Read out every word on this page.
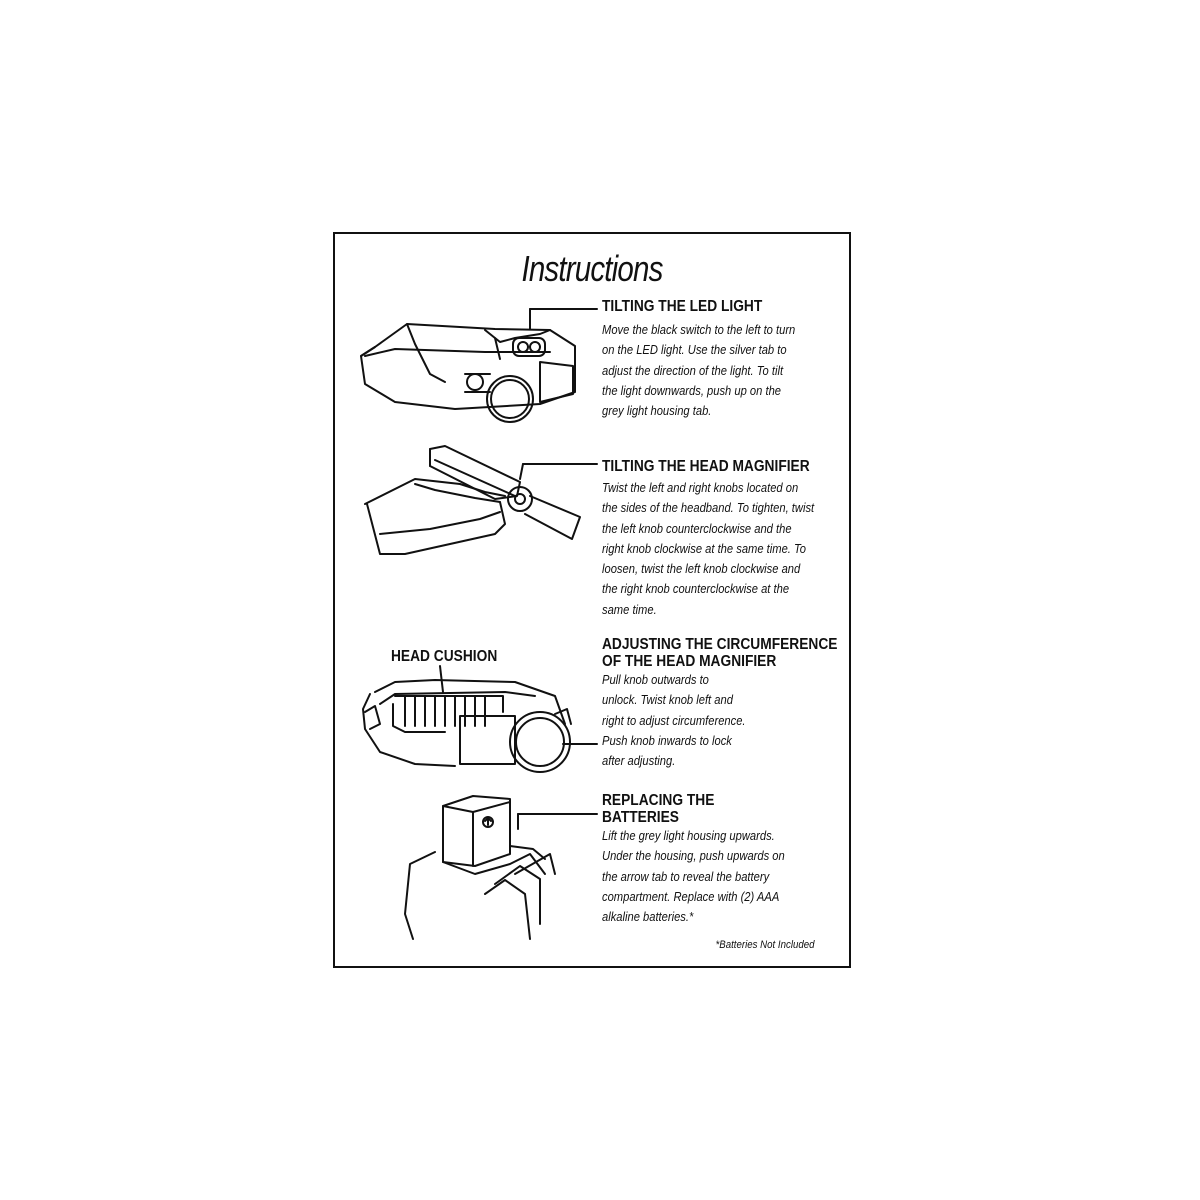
Instructions
TILTING THE LED LIGHT
Move the black switch to the left to turn
on the LED light. Use the silver tab to
adjust the direction of the light. To tilt
the light downwards, push up on the
grey light housing tab.
TILTING THE HEAD MAGNIFIER
Twist the left and right knobs located on
the sides of the headband. To tighten, twist
the left knob counterclockwise and the
right knob clockwise at the same time. To
loosen, twist the left knob clockwise and
the right knob counterclockwise at the
same time.
ADJUSTING THE CIRCUMFERENCE
OF THE HEAD MAGNIFIER
Pull knob outwards to
unlock. Twist knob left and
right to adjust circumference.
Push knob inwards to lock
after adjusting.
HEAD CUSHION
REPLACING THE
BATTERIES
Lift the grey light housing upwards.
Under the housing, push upwards on
the arrow tab to reveal the battery
compartment. Replace with (2) AAA
alkaline batteries.*
*Batteries Not Included
